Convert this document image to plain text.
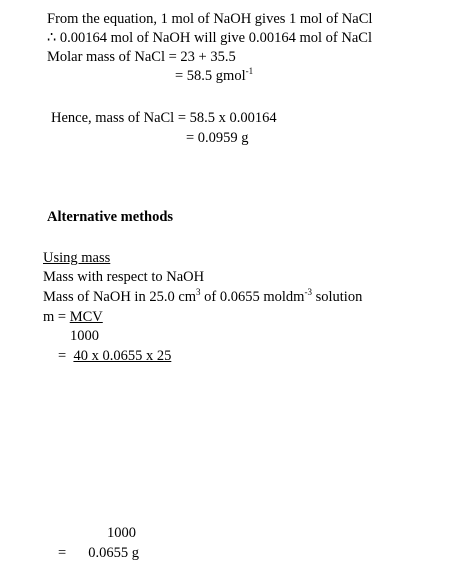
From the equation, 1 mol of NaOH gives 1 mol of NaCl
∴ 0.00164 mol of NaOH will give 0.00164 mol of NaCl
Molar mass of NaCl = 23 + 35.5
= 58.5 gmol$^{-1}$
Hence, mass of NaCl = 58.5 x 0.00164
= 0.0959 g
Alternative methods
Using mass
Mass with respect to NaOH
Mass of NaOH in 25.0 $cm^3$ of 0.0655 moldm$^{-3}$ solution
m = MCV
1000
= 40 x 0.0655 x 25
1000
= 0.0655 g
